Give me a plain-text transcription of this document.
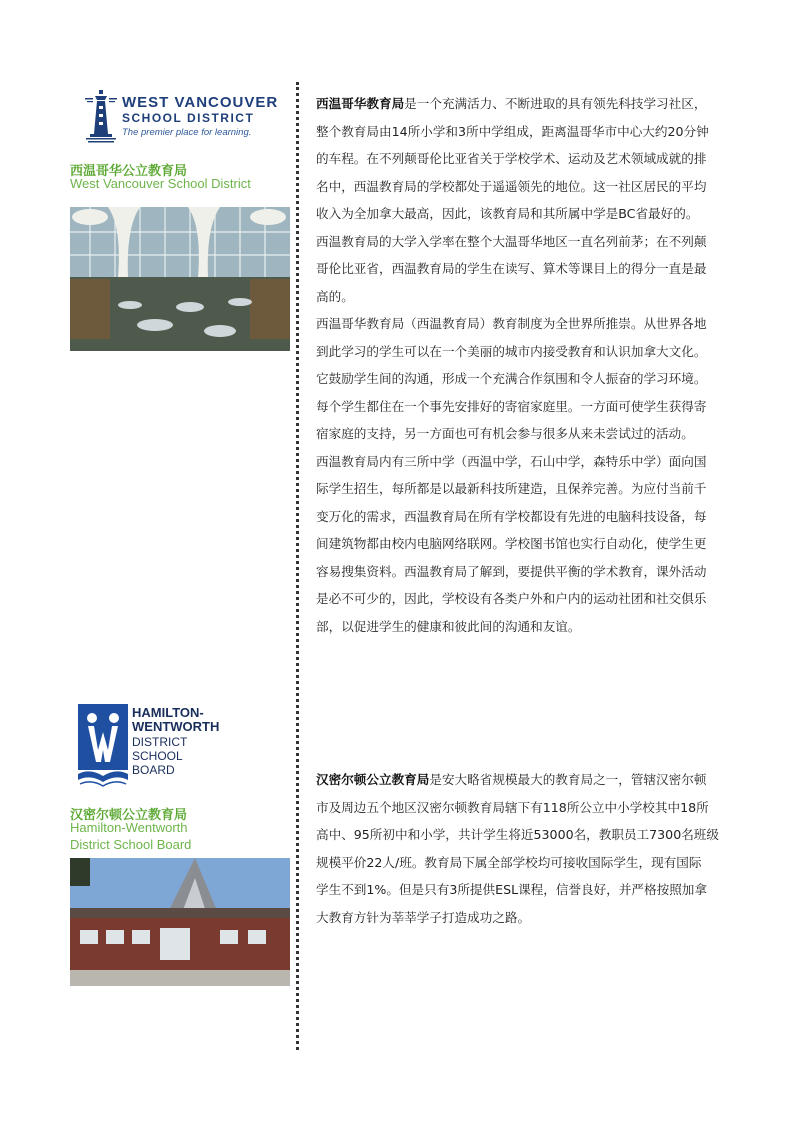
WEST VANCOUVER
SCHOOL DISTRICT
The premier place for learning.
西温哥华公立教育局
West Vancouver School District
HAMILTON-
WENTWORTH
DISTRICT
SCHOOL
BOARD
汉密尔顿公立教育局
Hamilton-Wentworth
District School Board

西温哥华教育局是一个充满活力、不断进取的具有领先科技学习社区，
整个教育局由14所小学和3所中学组成，距离温哥华市中心大约20分钟
的车程。在不列颠哥伦比亚省关于学校学术、运动及艺术领域成就的排
名中，西温教育局的学校都处于遥遥领先的地位。这一社区居民的平均
收入为全加拿大最高，因此，该教育局和其所属中学是BC省最好的。
西温教育局的大学入学率在整个大温哥华地区一直名列前茅；在不列颠
哥伦比亚省，西温教育局的学生在读写、算术等课目上的得分一直是最
高的。
西温哥华教育局（西温教育局）教育制度为全世界所推崇。从世界各地
到此学习的学生可以在一个美丽的城市内接受教育和认识加拿大文化。
它鼓励学生间的沟通，形成一个充满合作氛围和令人振奋的学习环境。
每个学生都住在一个事先安排好的寄宿家庭里。一方面可使学生获得寄
宿家庭的支持，另一方面也可有机会参与很多从来未尝试过的活动。
西温教育局内有三所中学（西温中学，石山中学，森特乐中学）面向国
际学生招生，每所都是以最新科技所建造，且保养完善。为应付当前千
变万化的需求，西温教育局在所有学校都设有先进的电脑科技设备，每
间建筑物都由校内电脑网络联网。学校图书馆也实行自动化，使学生更
容易搜集资料。西温教育局了解到，要提供平衡的学术教育，课外活动
是必不可少的，因此，学校设有各类户外和户内的运动社团和社交俱乐
部，以促进学生的健康和彼此间的沟通和友谊。

汉密尔顿公立教育局是安大略省规模最大的教育局之一，管辖汉密尔顿
市及周边五个地区汉密尔顿教育局辖下有118所公立中小学校其中18所
高中、95所初中和小学，共计学生将近53000名，教职员工7300名班级
规模平价22人/班。教育局下属全部学校均可接收国际学生，现有国际
学生不到1%。但是只有3所提供ESL课程，信誉良好，并严格按照加拿
大教育方针为莘莘学子打造成功之路。
